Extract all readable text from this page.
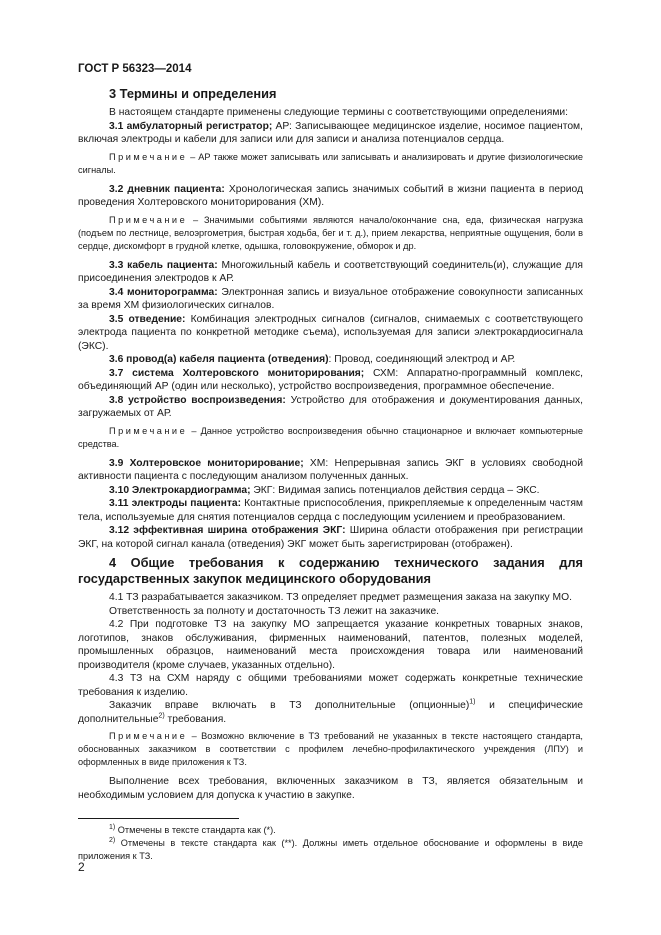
ГОСТ Р 56323—2014
3 Термины и определения

В настоящем стандарте применены следующие термины с соответствующими определениями:

3.1 амбулаторный регистратор; АР: Записывающее медицинское изделие, носимое пациентом, включая электроды и кабели для записи или для записи и анализа потенциалов сердца.

Примечание – АР также может записывать или записывать и анализировать и другие физиологические сигналы.

3.2 дневник пациента: Хронологическая запись значимых событий в жизни пациента в период проведения Холтеровского мониторирования (ХМ).

Примечание – Значимыми событиями являются начало/окончание сна, еда, физическая нагрузка (подъем по лестнице, велоэргометрия, быстрая ходьба, бег и т. д.), прием лекарства, неприятные ощущения, боли в сердце, дискомфорт в грудной клетке, одышка, головокружение, обморок и др.

3.3 кабель пациента: Многожильный кабель и соответствующий соединитель(и), служащие для присоединения электродов к АР.

3.4 мониторограмма: Электронная запись и визуальное отображение совокупности записанных за время ХМ физиологических сигналов.

3.5 отведение: Комбинация электродных сигналов (сигналов, снимаемых с соответствующего электрода пациента по конкретной методике съема), используемая для записи электрокардиосигнала (ЭКС).

3.6 провод(а) кабеля пациента (отведения): Провод, соединяющий электрод и АР.

3.7 система Холтеровского мониторирования; СХМ: Аппаратно-программный комплекс, объединяющий АР (один или несколько), устройство воспроизведения, программное обеспечение.

3.8 устройство воспроизведения: Устройство для отображения и документирования данных, загружаемых от АР.

Примечание – Данное устройство воспроизведения обычно стационарное и включает компьютерные средства.

3.9 Холтеровское мониторирование; ХМ: Непрерывная запись ЭКГ в условиях свободной активности пациента с последующим анализом полученных данных.

3.10 Электрокардиограмма; ЭКГ: Видимая запись потенциалов действия сердца – ЭКС.

3.11 электроды пациента: Контактные приспособления, прикрепляемые к определенным частям тела, используемые для снятия потенциалов сердца с последующим усилением и преобразованием.

3.12 эффективная ширина отображения ЭКГ: Ширина области отображения при регистрации ЭКГ, на которой сигнал канала (отведения) ЭКГ может быть зарегистрирован (отображен).

4 Общие требования к содержанию технического задания для государственных закупок медицинского оборудования

4.1 ТЗ разрабатывается заказчиком. ТЗ определяет предмет размещения заказа на закупку МО.

Ответственность за полноту и достаточность ТЗ лежит на заказчике.

4.2 При подготовке ТЗ на закупку МО запрещается указание конкретных товарных знаков, логотипов, знаков обслуживания, фирменных наименований, патентов, полезных моделей, промышленных образцов, наименований места происхождения товара или наименований производителя (кроме случаев, указанных отдельно).

4.3 ТЗ на СХМ наряду с общими требованиями может содержать конкретные технические требования к изделию.

Заказчик вправе включать в ТЗ дополнительные (опционные)$^{1)}$ и специфические дополнительные$^{2)}$ требования.

Примечание – Возможно включение в ТЗ требований не указанных в тексте настоящего стандарта, обоснованных заказчиком в соответствии с профилем лечебно-профилактического учреждения (ЛПУ) и оформленных в виде приложения к ТЗ.

Выполнение всех требования, включенных заказчиком в ТЗ, является обязательным и необходимым условием для допуска к участию в закупке.

$^{1)}$ Отмечены в тексте стандарта как (*).

$^{2)}$ Отмечены в тексте стандарта как (**). Должны иметь отдельное обоснование и оформлены в виде приложения к ТЗ.

2
